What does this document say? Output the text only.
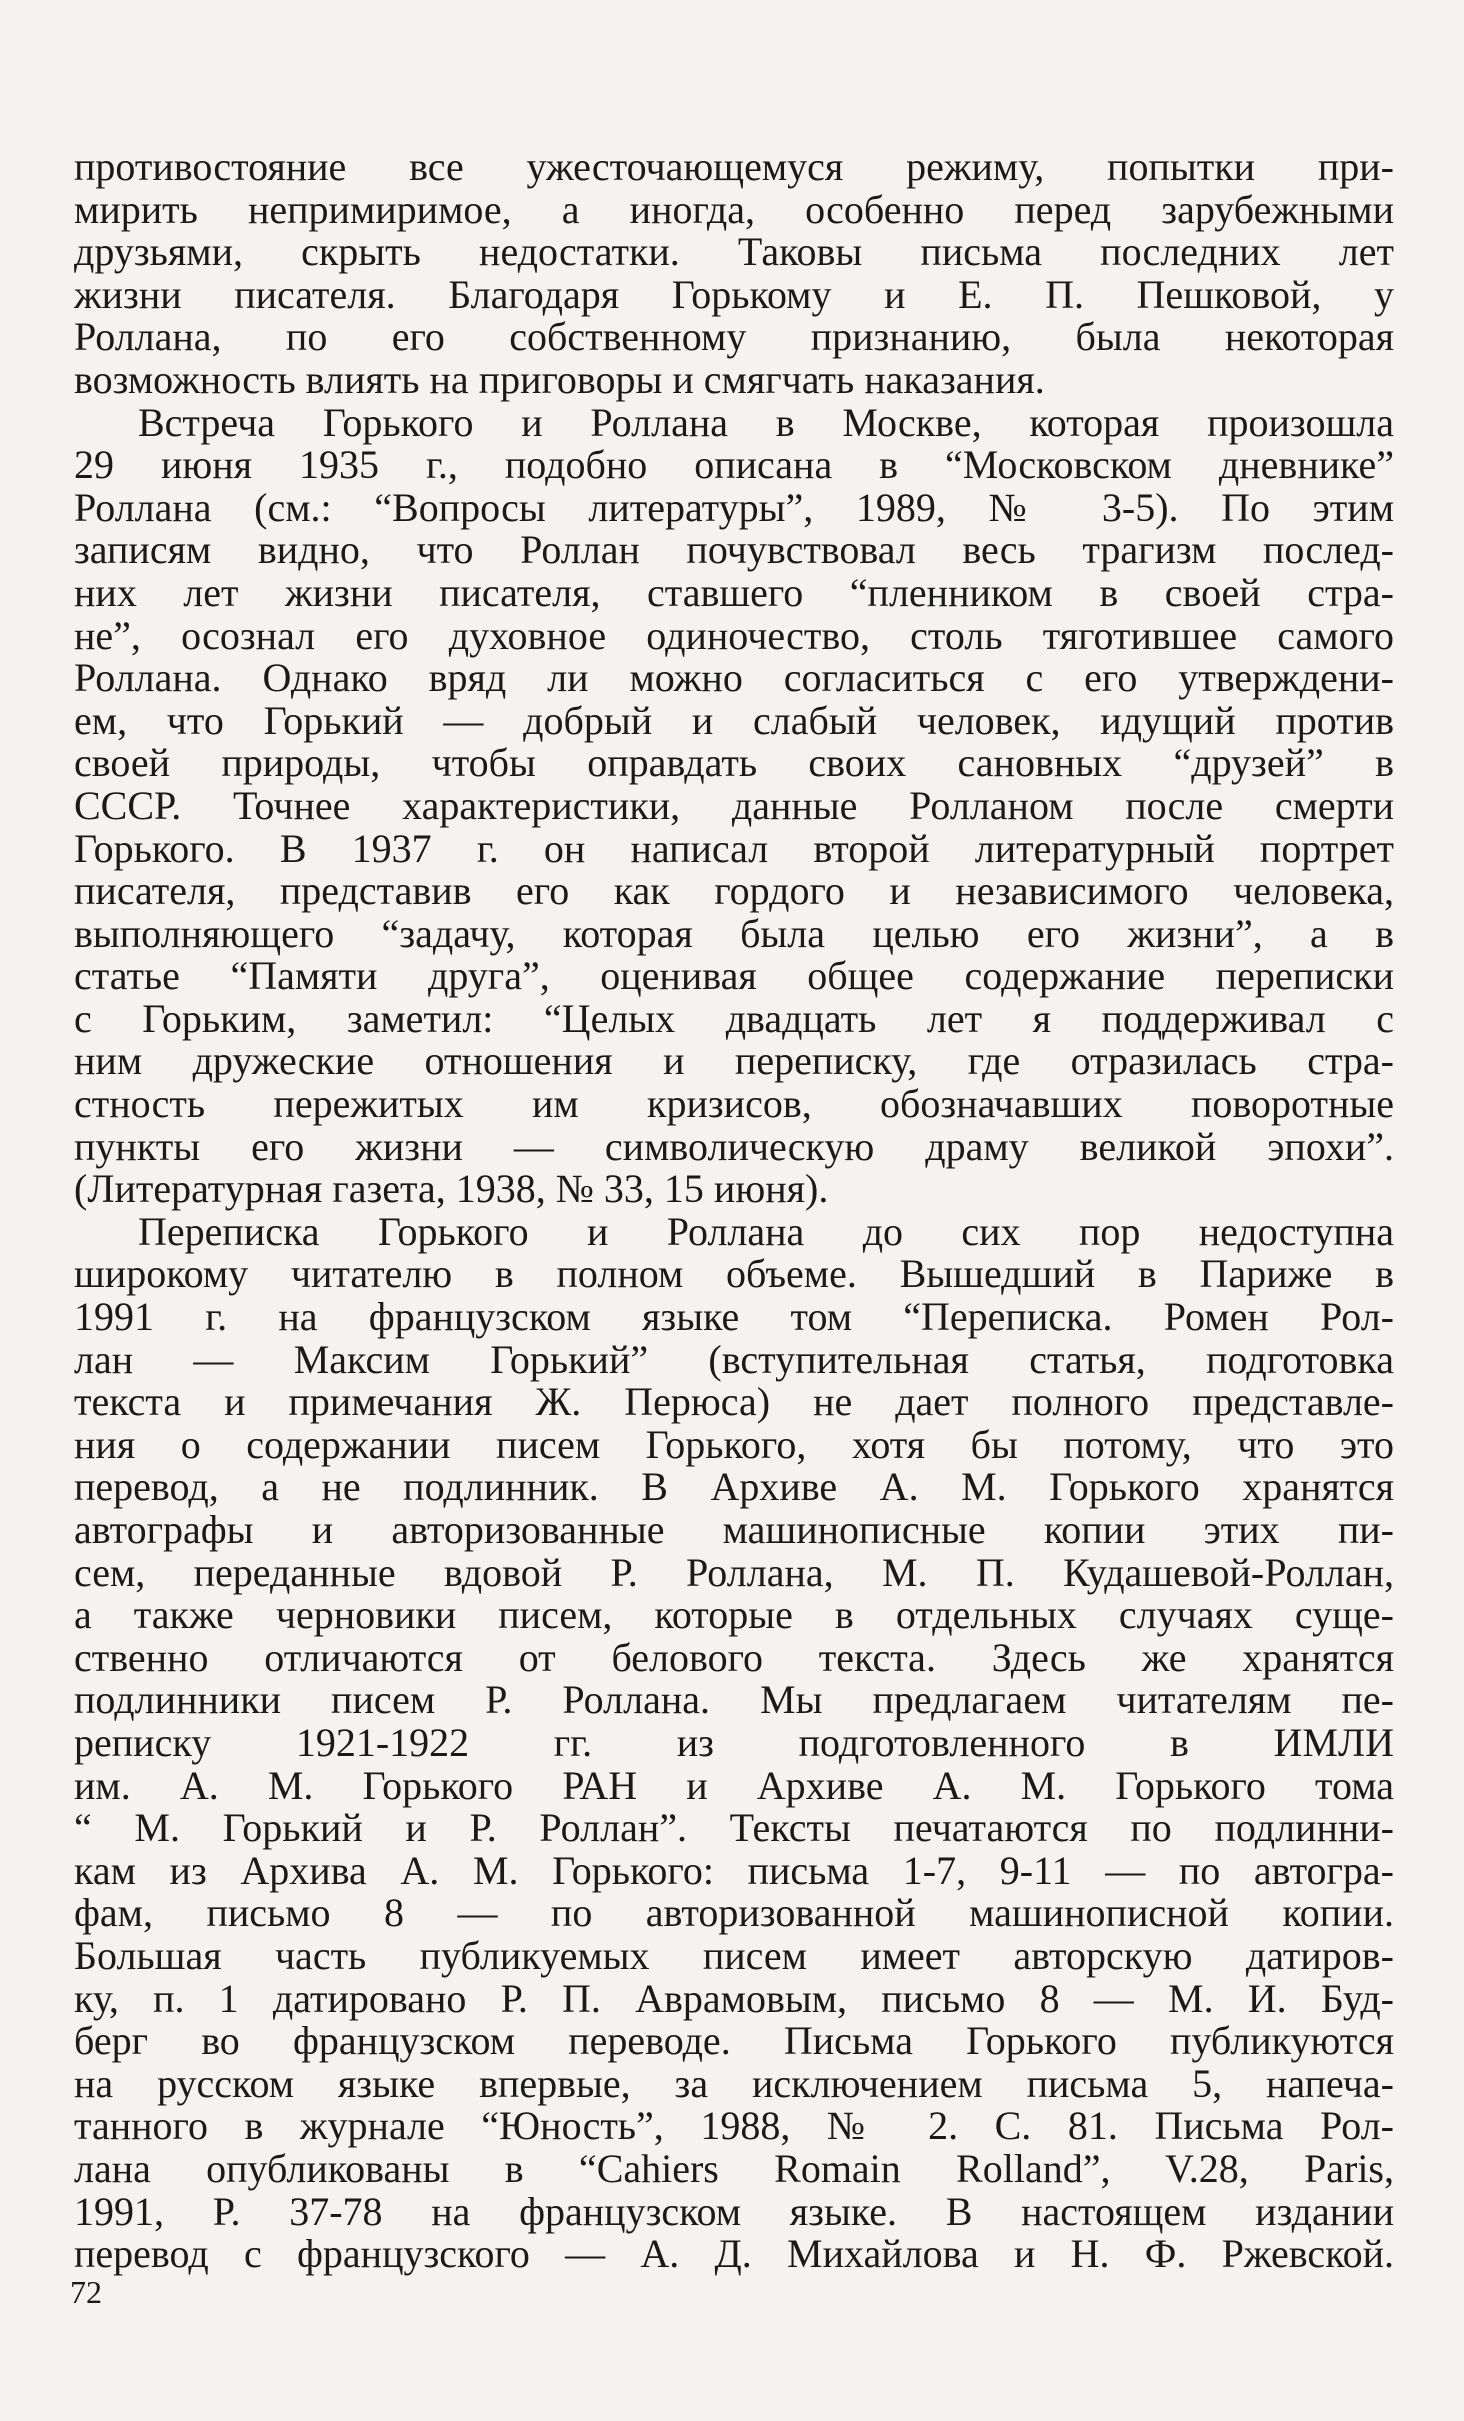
противостояние все ужесточающемуся режиму, попытки при-
мирить непримиримое, а иногда, особенно перед зарубежными
друзьями, скрыть недостатки. Таковы письма последних лет
жизни писателя. Благодаря Горькому и Е. П. Пешковой, у
Роллана, по его собственному признанию, была некоторая
возможность влиять на приговоры и смягчать наказания.
Встреча Горького и Роллана в Москве, которая произошла
29 июня 1935 г., подобно описана в “Московском дневнике”
Роллана (см.: “Вопросы литературы”, 1989, № 3-5). По этим
записям видно, что Роллан почувствовал весь трагизм послед-
них лет жизни писателя, ставшего “пленником в своей стра-
не”, осознал его духовное одиночество, столь тяготившее самого
Роллана. Однако вряд ли можно согласиться с его утверждени-
ем, что Горький — добрый и слабый человек, идущий против
своей природы, чтобы оправдать своих сановных “друзей” в
СССР. Точнее характеристики, данные Ролланом после смерти
Горького. В 1937 г. он написал второй литературный портрет
писателя, представив его как гордого и независимого человека,
выполняющего “задачу, которая была целью его жизни”, а в
статье “Памяти друга”, оценивая общее содержание переписки
с Горьким, заметил: “Целых двадцать лет я поддерживал с
ним дружеские отношения и переписку, где отразилась стра-
стность пережитых им кризисов, обозначавших поворотные
пункты его жизни — символическую драму великой эпохи”.
(Литературная газета, 1938, № 33, 15 июня).
Переписка Горького и Роллана до сих пор недоступна
широкому читателю в полном объеме. Вышедший в Париже в
1991 г. на французском языке том “Переписка. Ромен Рол-
лан — Максим Горький” (вступительная статья, подготовка
текста и примечания Ж. Перюса) не дает полного представле-
ния о содержании писем Горького, хотя бы потому, что это
перевод, а не подлинник. В Архиве А. М. Горького хранятся
автографы и авторизованные машинописные копии этих пи-
сем, переданные вдовой Р. Роллана, М. П. Кудашевой-Роллан,
а также черновики писем, которые в отдельных случаях суще-
ственно отличаются от белового текста. Здесь же хранятся
подлинники писем Р. Роллана. Мы предлагаем читателям пе-
реписку 1921-1922 гг. из подготовленного в ИМЛИ
им. А. М. Горького РАН и Архиве А. М. Горького тома
“ М. Горький и Р. Роллан”. Тексты печатаются по подлинни-
кам из Архива А. М. Горького: письма 1-7, 9-11 — по автогра-
фам, письмо 8 — по авторизованной машинописной копии.
Большая часть публикуемых писем имеет авторскую датиров-
ку, п. 1 датировано Р. П. Аврамовым, письмо 8 — М. И. Буд-
берг во французском переводе. Письма Горького публикуются
на русском языке впервые, за исключением письма 5, напеча-
танного в журнале “Юность”, 1988, № 2. С. 81. Письма Рол-
лана опубликованы в “Cahiers Romain Rolland”, V.28, Paris,
1991, P. 37-78 на французском языке. В настоящем издании
перевод с французского — А. Д. Михайлова и Н. Ф. Ржевской.
72
